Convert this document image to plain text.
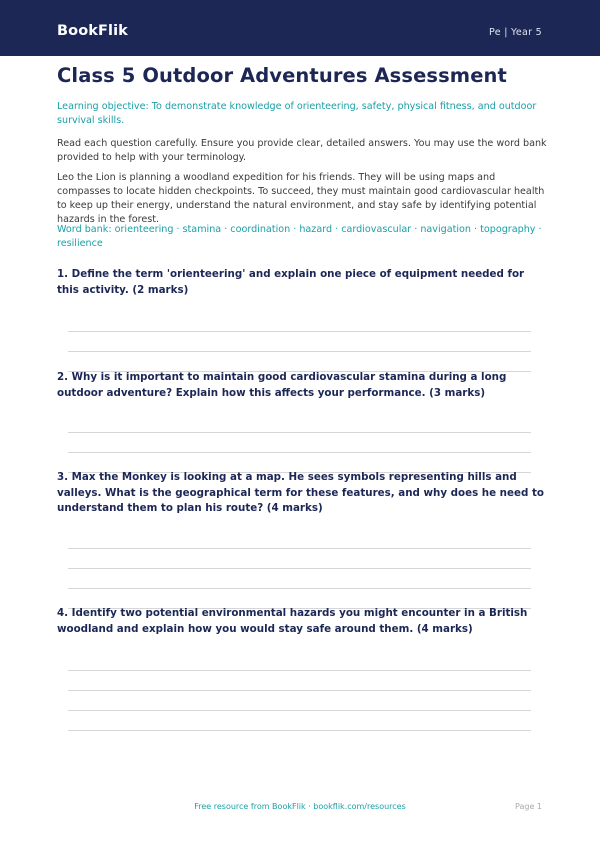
BookFlik	Pe | Year 5
Class 5 Outdoor Adventures Assessment

Learning objective: To demonstrate knowledge of orienteering, safety, physical fitness, and outdoor survival skills.

Read each question carefully. Ensure you provide clear, detailed answers. You may use the word bank provided to help with your terminology.

Leo the Lion is planning a woodland expedition for his friends. They will be using maps and compasses to locate hidden checkpoints. To succeed, they must maintain good cardiovascular health to keep up their energy, understand the natural environment, and stay safe by identifying potential hazards in the forest.

Word bank: orienteering · stamina · coordination · hazard · cardiovascular · navigation · topography · resilience

1. Define the term 'orienteering' and explain one piece of equipment needed for this activity. (2 marks)

2. Why is it important to maintain good cardiovascular stamina during a long outdoor adventure? Explain how this affects your performance. (3 marks)

3. Max the Monkey is looking at a map. He sees symbols representing hills and valleys. What is the geographical term for these features, and why does he need to understand them to plan his route? (4 marks)

4. Identify two potential environmental hazards you might encounter in a British woodland and explain how you would stay safe around them. (4 marks)

Free resource from BookFlik · bookflik.com/resources	Page 1
